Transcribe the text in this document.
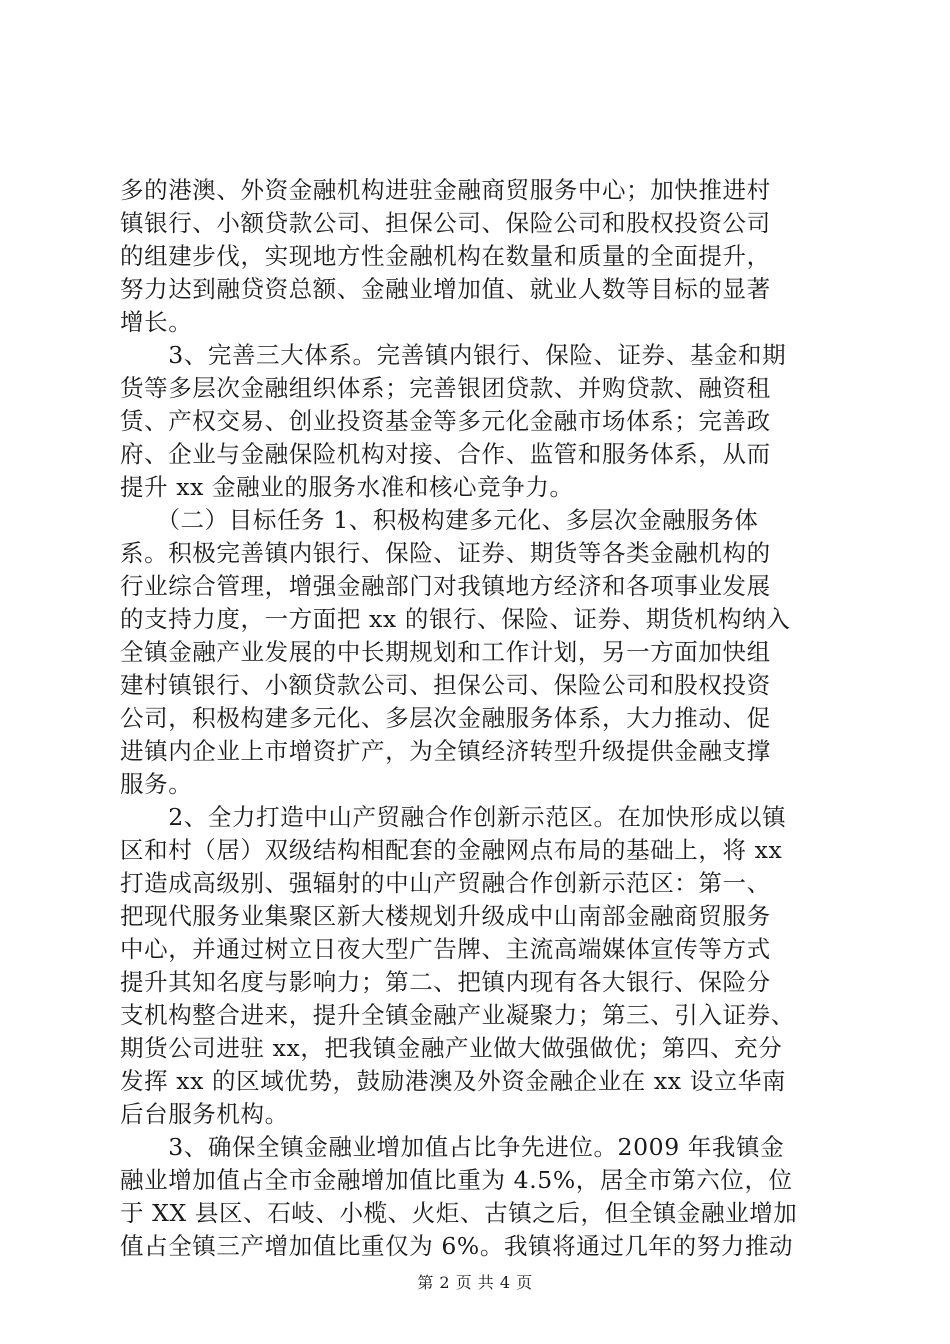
多的港澳、外资金融机构进驻金融商贸服务中心；加快推进村
镇银行、小额贷款公司、担保公司、保险公司和股权投资公司
的组建步伐，实现地方性金融机构在数量和质量的全面提升，
努力达到融贷资总额、金融业增加值、就业人数等目标的显著
增长。
　　3、完善三大体系。完善镇内银行、保险、证券、基金和期
货等多层次金融组织体系；完善银团贷款、并购贷款、融资租
赁、产权交易、创业投资基金等多元化金融市场体系；完善政
府、企业与金融保险机构对接、合作、监管和服务体系，从而
提升 xx 金融业的服务水准和核心竞争力。
　　（二）目标任务 1、积极构建多元化、多层次金融服务体
系。积极完善镇内银行、保险、证券、期货等各类金融机构的
行业综合管理，增强金融部门对我镇地方经济和各项事业发展
的支持力度，一方面把 xx 的银行、保险、证券、期货机构纳入
全镇金融产业发展的中长期规划和工作计划，另一方面加快组
建村镇银行、小额贷款公司、担保公司、保险公司和股权投资
公司，积极构建多元化、多层次金融服务体系，大力推动、促
进镇内企业上市增资扩产，为全镇经济转型升级提供金融支撑
服务。
　　2、全力打造中山产贸融合作创新示范区。在加快形成以镇
区和村（居）双级结构相配套的金融网点布局的基础上，将 xx
打造成高级别、强辐射的中山产贸融合作创新示范区：第一、
把现代服务业集聚区新大楼规划升级成中山南部金融商贸服务
中心，并通过树立日夜大型广告牌、主流高端媒体宣传等方式
提升其知名度与影响力；第二、把镇内现有各大银行、保险分
支机构整合进来，提升全镇金融产业凝聚力；第三、引入证券、
期货公司进驻 xx，把我镇金融产业做大做强做优；第四、充分
发挥 xx 的区域优势，鼓励港澳及外资金融企业在 xx 设立华南
后台服务机构。
　　3、确保全镇金融业增加值占比争先进位。2009 年我镇金
融业增加值占全市金融增加值比重为 4.5%，居全市第六位，位
于 XX 县区、石岐、小榄、火炬、古镇之后，但全镇金融业增加
值占全镇三产增加值比重仅为 6%。我镇将通过几年的努力推动
第 2 页 共 4 页
